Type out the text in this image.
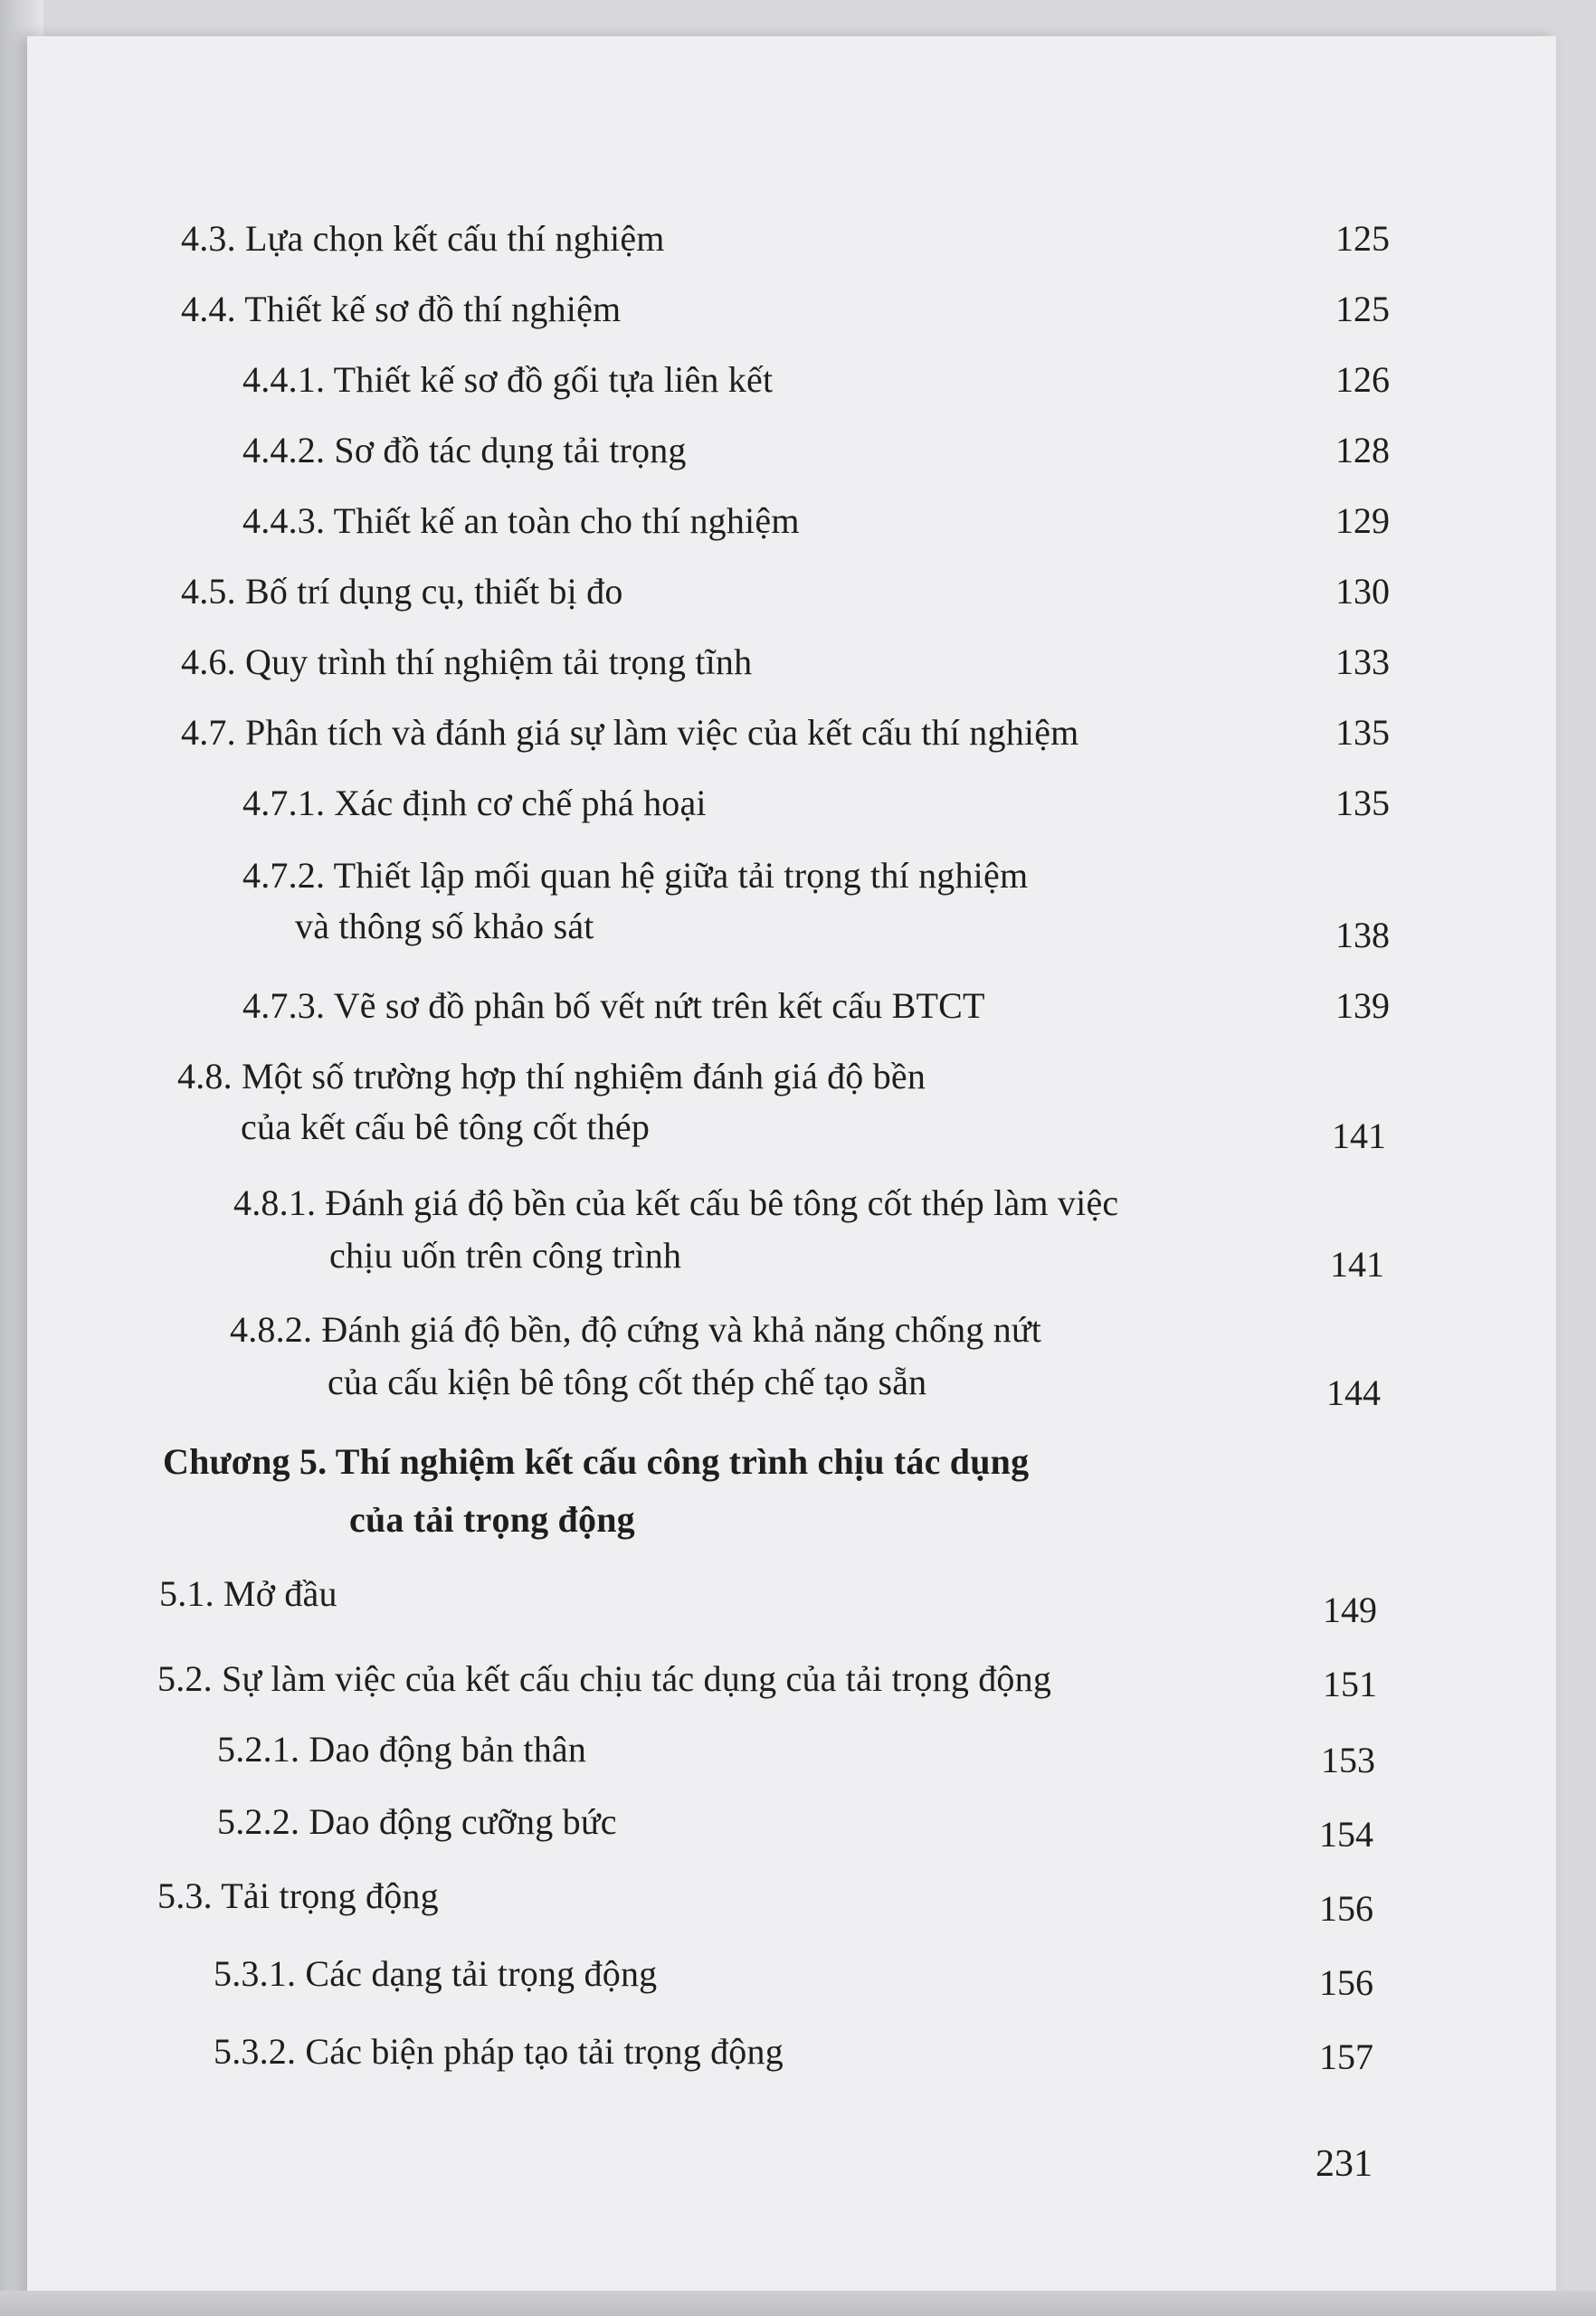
4.3. Lựa chọn kết cấu thí nghiệm	125
4.4. Thiết kế sơ đồ thí nghiệm	125
4.4.1. Thiết kế sơ đồ gối tựa liên kết	126
4.4.2. Sơ đồ tác dụng tải trọng	128
4.4.3. Thiết kế an toàn cho thí nghiệm	129
4.5. Bố trí dụng cụ, thiết bị đo	130
4.6. Quy trình thí nghiệm tải trọng tĩnh	133
4.7. Phân tích và đánh giá sự làm việc của kết cấu thí nghiệm	135
4.7.1. Xác định cơ chế phá hoại	135
4.7.2. Thiết lập mối quan hệ giữa tải trọng thí nghiệm
và thông số khảo sát	138
4.7.3. Vẽ sơ đồ phân bố vết nứt trên kết cấu BTCT	139
4.8. Một số trường hợp thí nghiệm đánh giá độ bền
của kết cấu bê tông cốt thép	141
4.8.1. Đánh giá độ bền của kết cấu bê tông cốt thép làm việc
chịu uốn trên công trình	141
4.8.2. Đánh giá độ bền, độ cứng và khả năng chống nứt
của cấu kiện bê tông cốt thép chế tạo sẵn	144
Chương 5. Thí nghiệm kết cấu công trình chịu tác dụng
của tải trọng động
5.1. Mở đầu	149
5.2. Sự làm việc của kết cấu chịu tác dụng của tải trọng động	151
5.2.1. Dao động bản thân	153
5.2.2. Dao động cưỡng bức	154
5.3. Tải trọng động	156
5.3.1. Các dạng tải trọng động	156
5.3.2. Các biện pháp tạo tải trọng động	157
231
